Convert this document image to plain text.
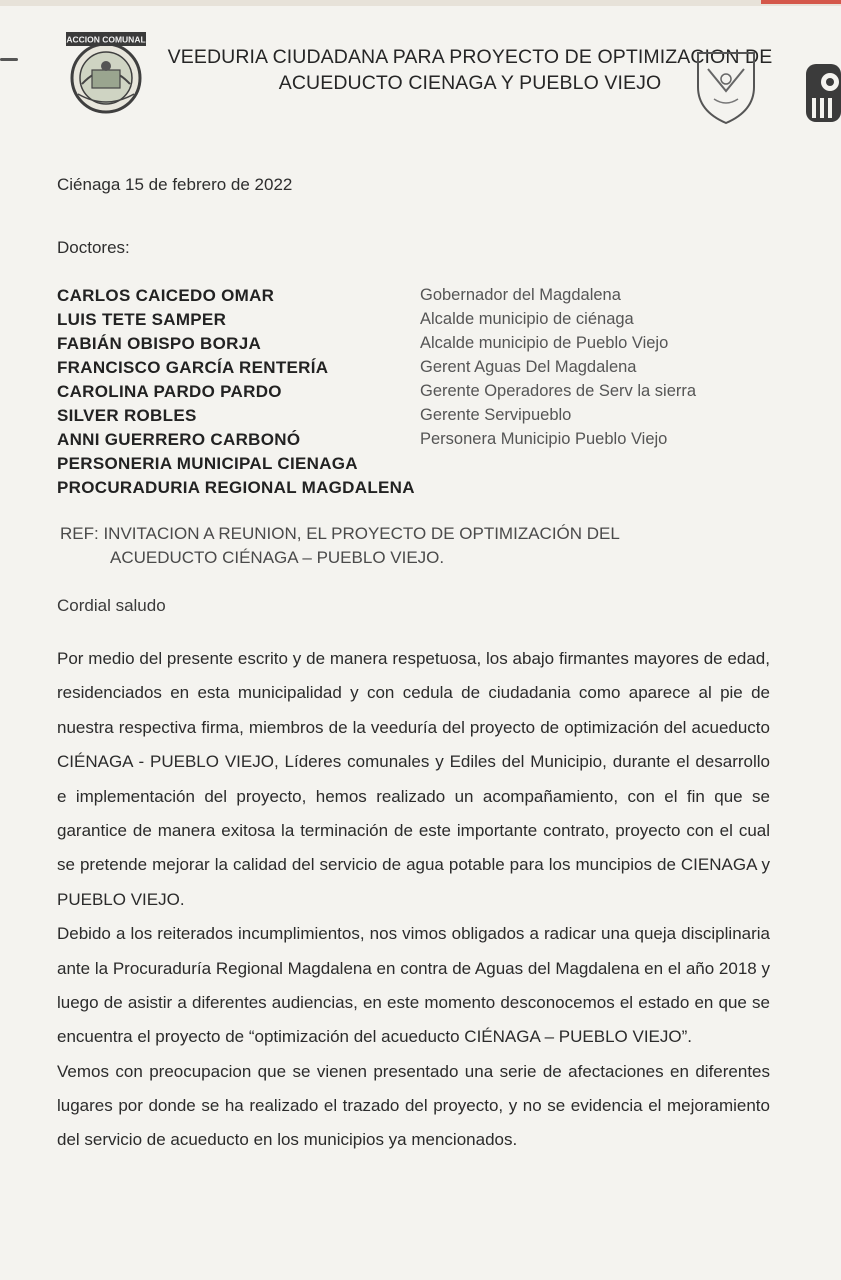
ACCION COMUNAL
VEEDURIA CIUDADANA PARA PROYECTO DE OPTIMIZACION DE
ACUEDUCTO CIENAGA Y PUEBLO VIEJO
Ciénaga 15 de febrero de 2022
Doctores:
CARLOS CAICEDO OMAR	Gobernador del Magdalena
LUIS TETE SAMPER	Alcalde municipio de ciénaga
FABIÁN OBISPO BORJA	Alcalde municipio de Pueblo Viejo
FRANCISCO GARCÍA RENTERÍA	Gerent Aguas Del Magdalena
CAROLINA PARDO PARDO	Gerente Operadores de Serv la sierra
SILVER ROBLES	Gerente Servipueblo
ANNI GUERRERO CARBONÓ	Personera Municipio Pueblo Viejo
PERSONERIA MUNICIPAL CIENAGA
PROCURADURIA REGIONAL MAGDALENA
REF: INVITACION A REUNION, EL PROYECTO DE OPTIMIZACIÓN DEL
ACUEDUCTO CIÉNAGA – PUEBLO VIEJO.
Cordial saludo

Por medio del presente escrito y de manera respetuosa, los abajo firmantes mayores de edad, residenciados en esta municipalidad y con cedula de ciudadania como aparece al pie de nuestra respectiva firma, miembros de la veeduría del proyecto de optimización del acueducto CIÉNAGA - PUEBLO VIEJO, Líderes comunales y Ediles del Municipio, durante el desarrollo e implementación del proyecto, hemos realizado un acompañamiento, con el fin que se garantice de manera exitosa la terminación de este importante contrato, proyecto con el cual se pretende mejorar la calidad del servicio de agua potable para los muncipios de CIENAGA y PUEBLO VIEJO.

Debido a los reiterados incumplimientos, nos vimos obligados a radicar una queja disciplinaria ante la Procuraduría Regional Magdalena en contra de Aguas del Magdalena en el año 2018 y luego de asistir a diferentes audiencias, en este momento desconocemos el estado en que se encuentra el proyecto de “optimización del acueducto CIÉNAGA – PUEBLO VIEJO”.

Vemos con preocupacion que se vienen presentado una serie de afectaciones en diferentes lugares por donde se ha realizado el trazado del proyecto, y no se evidencia el mejoramiento del servicio de acueducto en los municipios ya mencionados.
